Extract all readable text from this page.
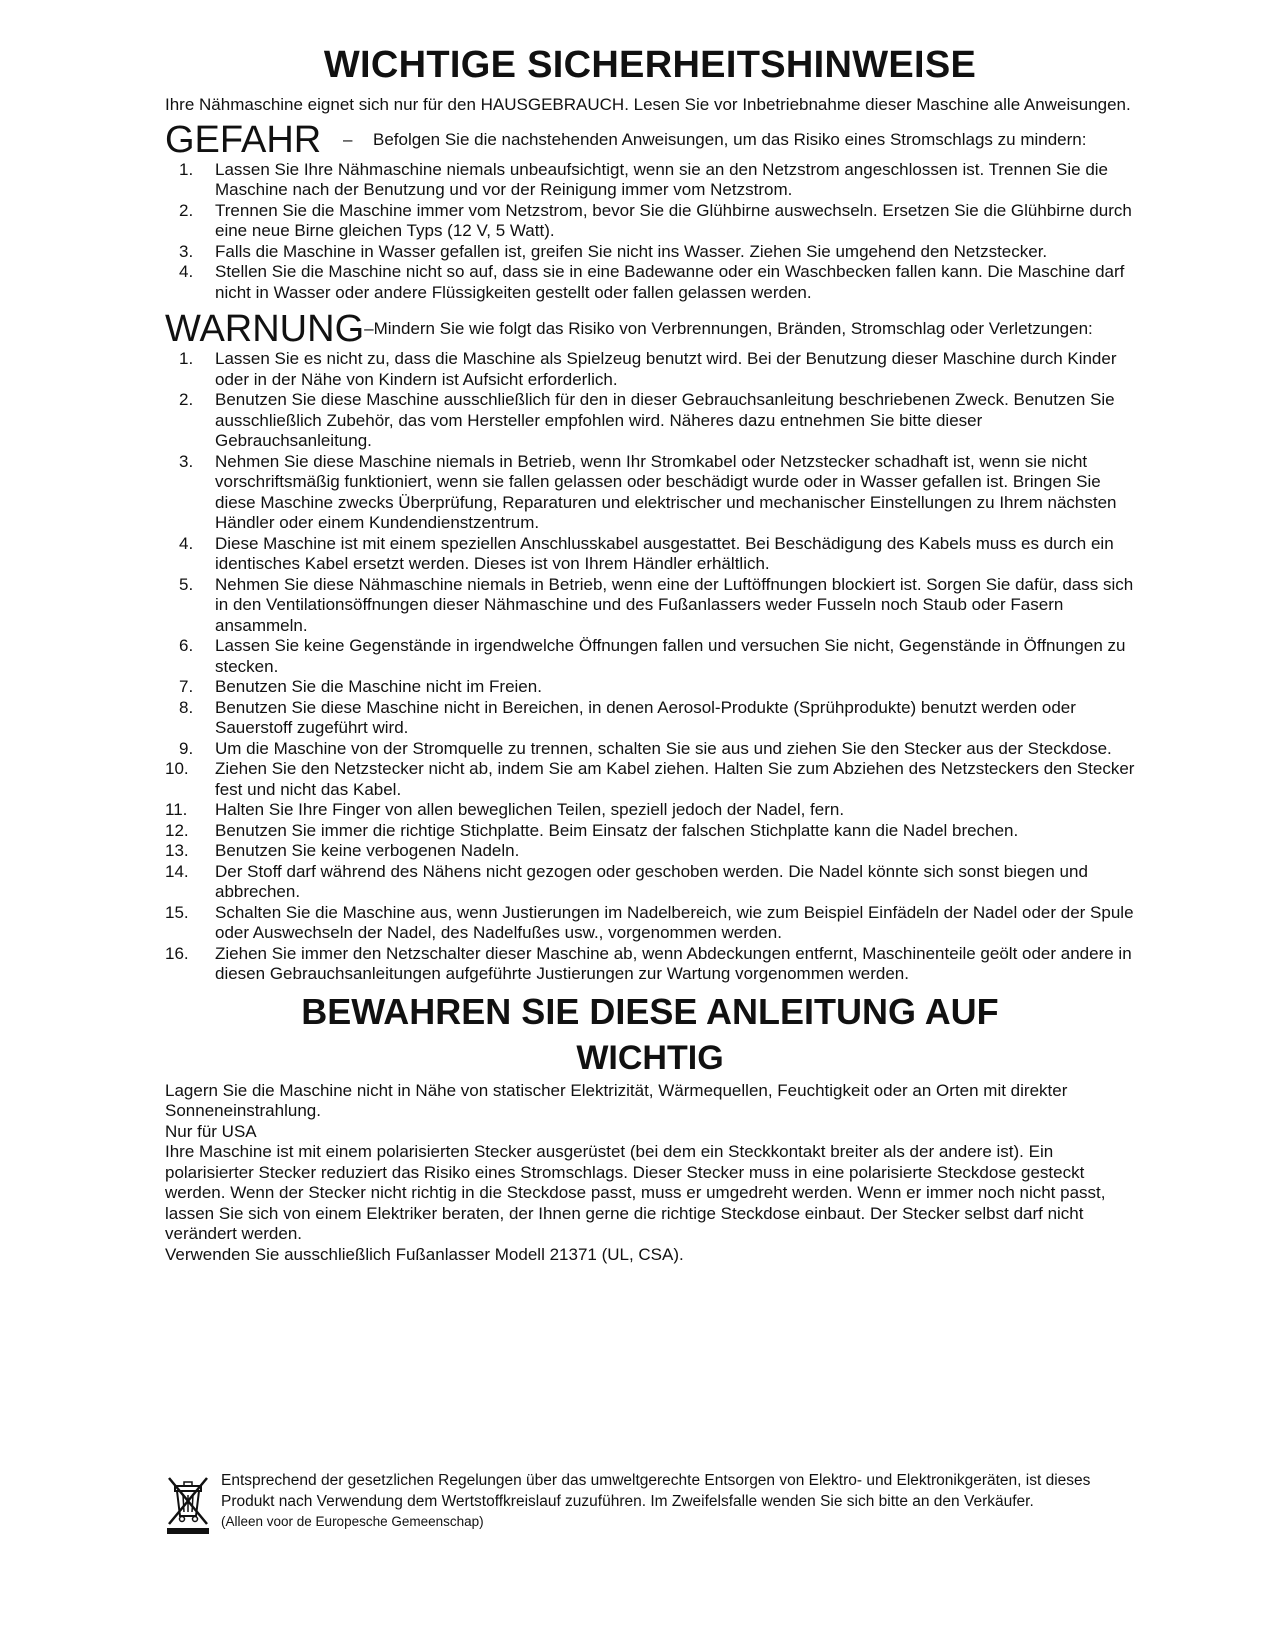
WICHTIGE SICHERHEITSHINWEISE

Ihre Nähmaschine eignet sich nur für den HAUSGEBRAUCH. Lesen Sie vor Inbetriebnahme dieser Maschine alle Anweisungen.

GEFAHR	–	Befolgen Sie die nachstehenden Anweisungen, um das Risiko eines Stromschlags zu mindern:
1.	Lassen Sie Ihre Nähmaschine niemals unbeaufsichtigt, wenn sie an den Netzstrom angeschlossen ist. Trennen Sie die Maschine nach der Benutzung und vor der Reinigung immer vom Netzstrom.
2.	Trennen Sie die Maschine immer vom Netzstrom, bevor Sie die Glühbirne auswechseln. Ersetzen Sie die Glühbirne durch eine neue Birne gleichen Typs (12 V, 5 Watt).
3.	Falls die Maschine in Wasser gefallen ist, greifen Sie nicht ins Wasser. Ziehen Sie umgehend den Netzstecker.
4.	Stellen Sie die Maschine nicht so auf, dass sie in eine Badewanne oder ein Waschbecken fallen kann. Die Maschine darf nicht in Wasser oder andere Flüssigkeiten gestellt oder fallen gelassen werden.
WARNUNG –Mindern Sie wie folgt das Risiko von Verbrennungen, Bränden, Stromschlag oder Verletzungen:
1.	Lassen Sie es nicht zu, dass die Maschine als Spielzeug benutzt wird. Bei der Benutzung dieser Maschine durch Kinder oder in der Nähe von Kindern ist Aufsicht erforderlich.
2.	Benutzen Sie diese Maschine ausschließlich für den in dieser Gebrauchsanleitung beschriebenen Zweck. Benutzen Sie ausschließlich Zubehör, das vom Hersteller empfohlen wird. Näheres dazu entnehmen Sie bitte dieser Gebrauchsanleitung.
3.	Nehmen Sie diese Maschine niemals in Betrieb, wenn Ihr Stromkabel oder Netzstecker schadhaft ist, wenn sie nicht vorschriftsmäßig funktioniert, wenn sie fallen gelassen oder beschädigt wurde oder in Wasser gefallen ist. Bringen Sie diese Maschine zwecks Überprüfung, Reparaturen und elektrischer und mechanischer Einstellungen zu Ihrem nächsten Händler oder einem Kundendienstzentrum.
4.	Diese Maschine ist mit einem speziellen Anschlusskabel ausgestattet. Bei Beschädigung des Kabels muss es durch ein identisches Kabel ersetzt werden. Dieses ist von Ihrem Händler erhältlich.
5.	Nehmen Sie diese Nähmaschine niemals in Betrieb, wenn eine der Luftöffnungen blockiert ist. Sorgen Sie dafür, dass sich in den Ventilationsöffnungen dieser Nähmaschine und des Fußanlassers weder Fusseln noch Staub oder Fasern ansammeln.
6.	Lassen Sie keine Gegenstände in irgendwelche Öffnungen fallen und versuchen Sie nicht, Gegenstände in Öffnungen zu stecken.
7.	Benutzen Sie die Maschine nicht im Freien.
8.	Benutzen Sie diese Maschine nicht in Bereichen, in denen Aerosol-Produkte (Sprühprodukte) benutzt werden oder Sauerstoff zugeführt wird.
9.	Um die Maschine von der Stromquelle zu trennen, schalten Sie sie aus und ziehen Sie den Stecker aus der Steckdose.
10.	Ziehen Sie den Netzstecker nicht ab, indem Sie am Kabel ziehen. Halten Sie zum Abziehen des Netzsteckers den Stecker fest und nicht das Kabel.
11.	Halten Sie Ihre Finger von allen beweglichen Teilen, speziell jedoch der Nadel, fern.
12.	Benutzen Sie immer die richtige Stichplatte. Beim Einsatz der falschen Stichplatte kann die Nadel brechen.
13.	Benutzen Sie keine verbogenen Nadeln.
14.	Der Stoff darf während des Nähens nicht gezogen oder geschoben werden. Die Nadel könnte sich sonst biegen und abbrechen.
15.	Schalten Sie die Maschine aus, wenn Justierungen im Nadelbereich, wie zum Beispiel Einfädeln der Nadel oder der Spule oder Auswechseln der Nadel, des Nadelfußes usw., vorgenommen werden.
16.	Ziehen Sie immer den Netzschalter dieser Maschine ab, wenn Abdeckungen entfernt, Maschinenteile geölt oder andere in diesen Gebrauchsanleitungen aufgeführte Justierungen zur Wartung vorgenommen werden.
BEWAHREN SIE DIESE ANLEITUNG AUF
WICHTIG

Lagern Sie die Maschine nicht in Nähe von statischer Elektrizität, Wärmequellen, Feuchtigkeit oder an Orten mit direkter Sonneneinstrahlung.

Nur für USA

Ihre Maschine ist mit einem polarisierten Stecker ausgerüstet (bei dem ein Steckkontakt breiter als der andere ist). Ein polarisierter Stecker reduziert das Risiko eines Stromschlags. Dieser Stecker muss in eine polarisierte Steckdose gesteckt werden. Wenn der Stecker nicht richtig in die Steckdose passt, muss er umgedreht werden. Wenn er immer noch nicht passt, lassen Sie sich von einem Elektriker beraten, der Ihnen gerne die richtige Steckdose einbaut. Der Stecker selbst darf nicht verändert werden.

Verwenden Sie ausschließlich Fußanlasser Modell 21371 (UL, CSA).

Entsprechend der gesetzlichen Regelungen über das umweltgerechte Entsorgen von Elektro- und Elektronikgeräten, ist dieses Produkt nach Verwendung dem Wertstoffkreislauf zuzuführen. Im Zweifelsfalle wenden Sie sich bitte an den Verkäufer.
(Alleen voor de Europesche Gemeenschap)
